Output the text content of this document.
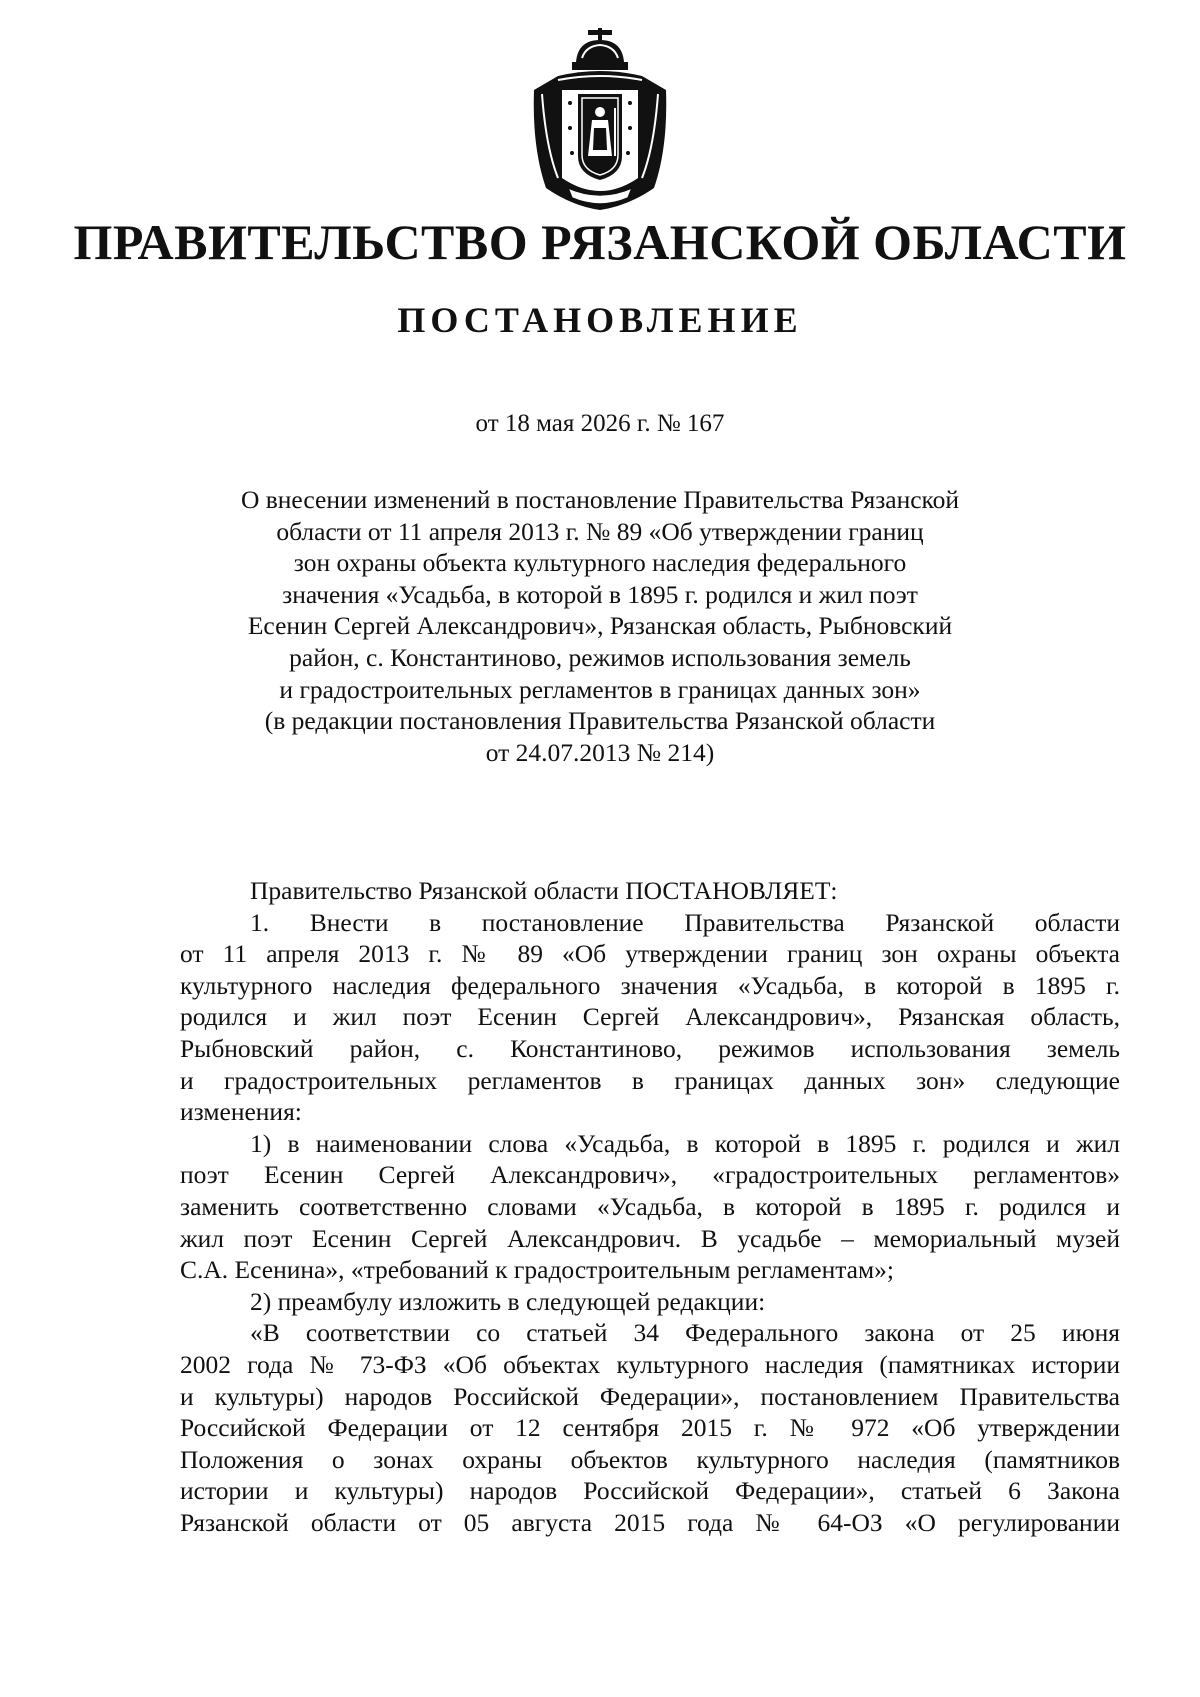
ПРАВИТЕЛЬСТВО РЯЗАНСКОЙ ОБЛАСТИ
ПОСТАНОВЛЕНИЕ
от 18 мая 2026 г. № 167
О внесении изменений в постановление Правительства Рязанской
области от 11 апреля 2013 г. № 89 «Об утверждении границ
зон охраны объекта культурного наследия федерального
значения «Усадьба, в которой в 1895 г. родился и жил поэт
Есенин Сергей Александрович», Рязанская область, Рыбновский
район, с. Константиново, режимов использования земель
и градостроительных регламентов в границах данных зон»
(в редакции постановления Правительства Рязанской области
от 24.07.2013 № 214)
Правительство Рязанской области ПОСТАНОВЛЯЕТ:
1. Внести в постановление Правительства Рязанской области
от 11 апреля 2013 г. № 89 «Об утверждении границ зон охраны объекта
культурного наследия федерального значения «Усадьба, в которой в 1895 г.
родился и жил поэт Есенин Сергей Александрович», Рязанская область,
Рыбновский район, с. Константиново, режимов использования земель
и градостроительных регламентов в границах данных зон» следующие
изменения:
1) в наименовании слова «Усадьба, в которой в 1895 г. родился и жил
поэт Есенин Сергей Александрович», «градостроительных регламентов»
заменить соответственно словами «Усадьба, в которой в 1895 г. родился и
жил поэт Есенин Сергей Александрович. В усадьбе – мемориальный музей
С.А. Есенина», «требований к градостроительным регламентам»;
2) преамбулу изложить в следующей редакции:
«В соответствии со статьей 34 Федерального закона от 25 июня
2002 года № 73-ФЗ «Об объектах культурного наследия (памятниках истории
и культуры) народов Российской Федерации», постановлением Правительства
Российской Федерации от 12 сентября 2015 г. № 972 «Об утверждении
Положения о зонах охраны объектов культурного наследия (памятников
истории и культуры) народов Российской Федерации», статьей 6 Закона
Рязанской области от 05 августа 2015 года № 64-ОЗ «О регулировании
